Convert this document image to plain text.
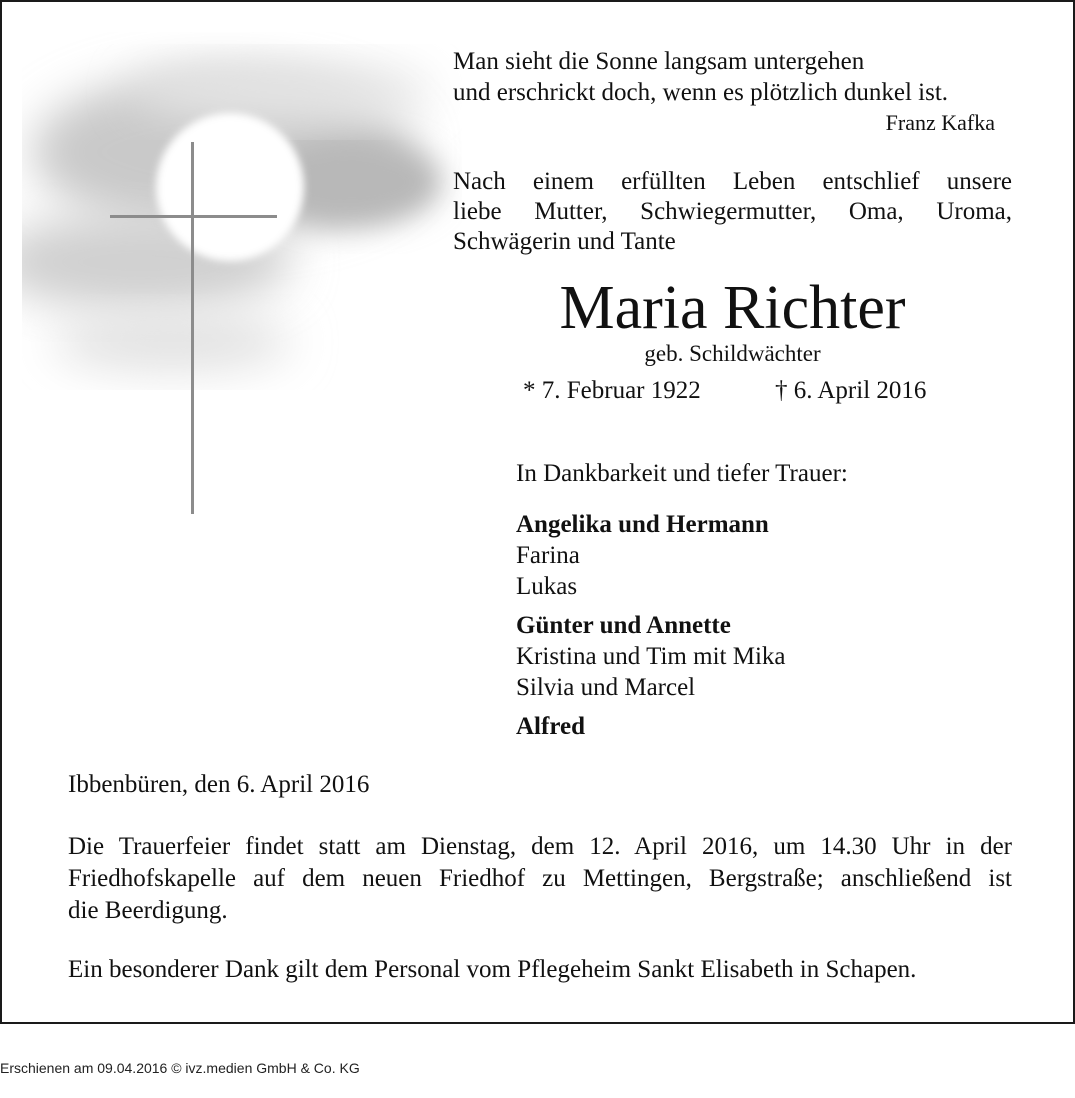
Man sieht die Sonne langsam untergehen
und erschrickt doch, wenn es plötzlich dunkel ist.
Franz Kafka
Nach einem erfüllten Leben entschlief unsere
liebe Mutter, Schwiegermutter, Oma, Uroma,
Schwägerin und Tante
Maria Richter
geb. Schildwächter
* 7. Februar 1922	† 6. April 2016
In Dankbarkeit und tiefer Trauer:
Angelika und Hermann
Farina
Lukas
Günter und Annette
Kristina und Tim mit Mika
Silvia und Marcel
Alfred
Ibbenbüren, den 6. April 2016
Die Trauerfeier findet statt am Dienstag, dem 12. April 2016, um 14.30 Uhr in der
Friedhofskapelle auf dem neuen Friedhof zu Mettingen, Bergstraße; anschließend ist
die Beerdigung.
Ein besonderer Dank gilt dem Personal vom Pflegeheim Sankt Elisabeth in Schapen.
Erschienen am 09.04.2016 © ivz.medien GmbH & Co. KG
